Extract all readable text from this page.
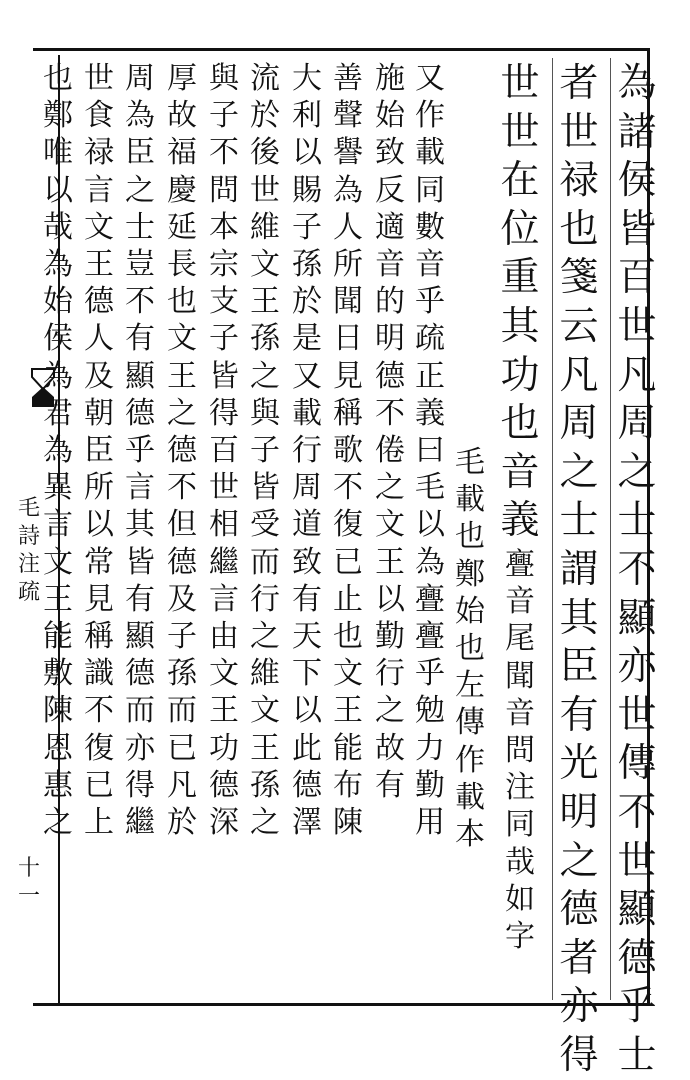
毛
詩
注
疏
十
一
為
諸
侯
皆
百
世
凡
周
之
士
不
顯
亦
世
傳
不
世
顯
德
乎
士
者
世
禄
也
箋
云
凡
周
之
士
謂
其
臣
有
光
明
之
德
者
亦
得
世
世
在
位
重
其
功
也
音
義
亹
音
尾
聞
音
問
注
同
哉
如
字
毛
載
也
鄭
始
也
左
傳
作
載
本
又
作
載
同
數
音
乎
疏
正
義
曰
毛
以
為
亹
亹
乎
勉
力
勤
用
施
始
致
反
適
音
的
明
德
不
倦
之
文
王
以
勤
行
之
故
有
善
聲
譽
為
人
所
聞
日
見
稱
歌
不
復
已
止
也
文
王
能
布
陳
大
利
以
賜
子
孫
於
是
又
載
行
周
道
致
有
天
下
以
此
德
澤
流
於
後
世
維
文
王
孫
之
與
子
皆
受
而
行
之
維
文
王
孫
之
與
子
不
問
本
宗
支
子
皆
得
百
世
相
繼
言
由
文
王
功
德
深
厚
故
福
慶
延
長
也
文
王
之
德
不
但
德
及
子
孫
而
已
凡
於
周
為
臣
之
士
豈
不
有
顯
德
乎
言
其
皆
有
顯
德
而
亦
得
繼
世
食
禄
言
文
王
德
人
及
朝
臣
所
以
常
見
稱
識
不
復
已
上
也
鄭
唯
以
哉
為
始
侯
為
君
為
異
言
文
王
能
敷
陳
恩
惠
之
